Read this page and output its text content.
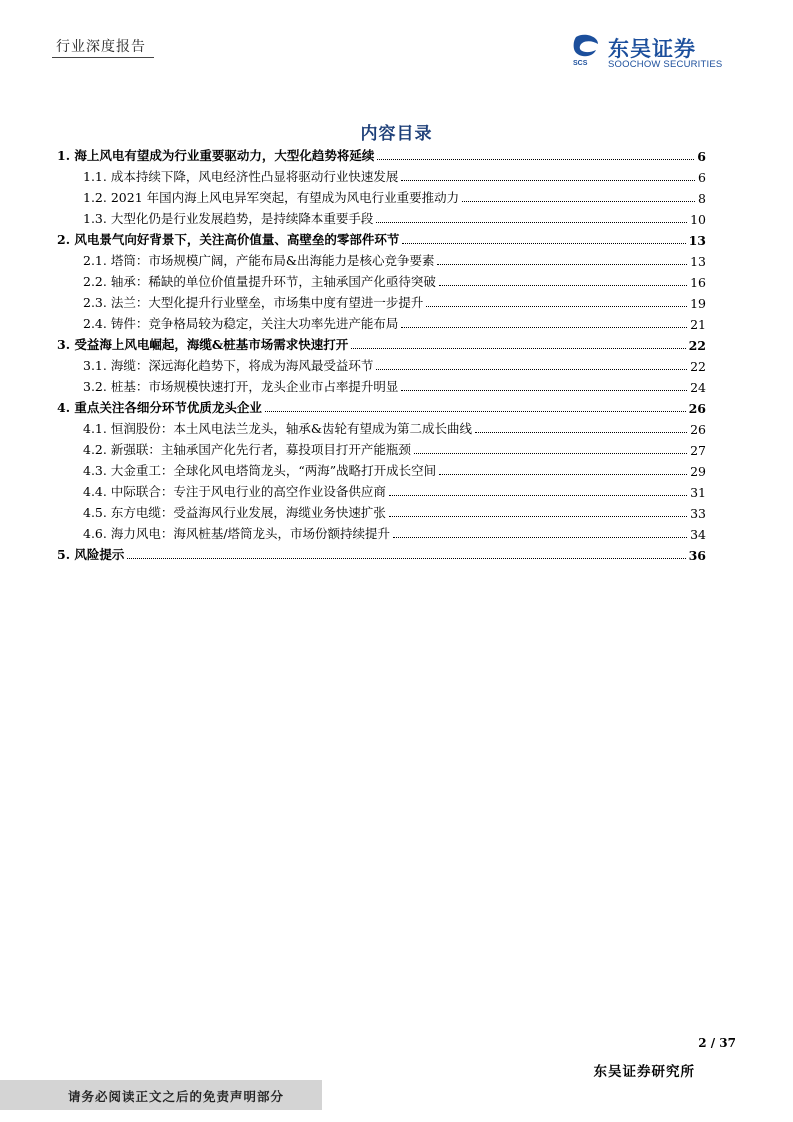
行业深度报告
SCS
东吴证券
SOOCHOW SECURITIES
内容目录
1. 海上风电有望成为行业重要驱动力，大型化趋势将延续	6
1.1. 成本持续下降，风电经济性凸显将驱动行业快速发展	6
1.2. 2021 年国内海上风电异军突起，有望成为风电行业重要推动力	8
1.3. 大型化仍是行业发展趋势，是持续降本重要手段	10
2. 风电景气向好背景下，关注高价值量、高壁垒的零部件环节	13
2.1. 塔筒：市场规模广阔，产能布局&出海能力是核心竞争要素	13
2.2. 轴承：稀缺的单位价值量提升环节，主轴承国产化亟待突破	16
2.3. 法兰：大型化提升行业壁垒，市场集中度有望进一步提升	19
2.4. 铸件：竞争格局较为稳定，关注大功率先进产能布局	21
3. 受益海上风电崛起，海缆&桩基市场需求快速打开	22
3.1. 海缆：深远海化趋势下，将成为海风最受益环节	22
3.2. 桩基：市场规模快速打开，龙头企业市占率提升明显	24
4. 重点关注各细分环节优质龙头企业	26
4.1. 恒润股份：本土风电法兰龙头，轴承&齿轮有望成为第二成长曲线	26
4.2. 新强联：主轴承国产化先行者，募投项目打开产能瓶颈	27
4.3. 大金重工：全球化风电塔筒龙头，“两海”战略打开成长空间	29
4.4. 中际联合：专注于风电行业的高空作业设备供应商	31
4.5. 东方电缆：受益海风行业发展，海缆业务快速扩张	33
4.6. 海力风电：海风桩基/塔筒龙头，市场份额持续提升	34
5. 风险提示	36
2 / 37
东吴证券研究所
请务必阅读正文之后的免责声明部分
